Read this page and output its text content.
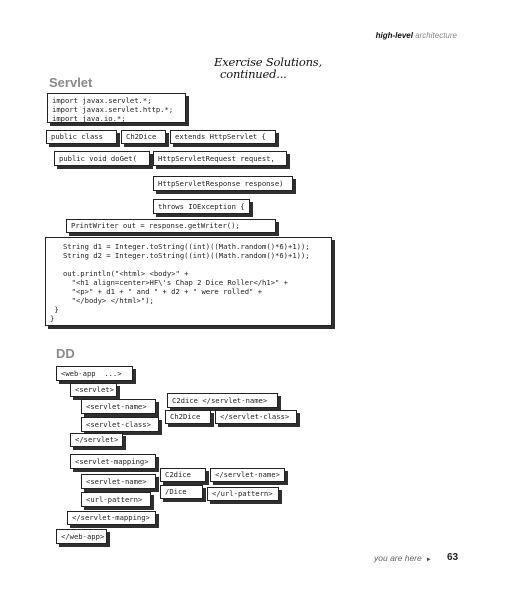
high-level architecture
Exercise Solutions,
continued...
Servlet
import javax.servlet.*;
import javax.servlet.http.*;
import java.io.*;
public class	Ch2Dice	extends HttpServlet {
public void doGet(	HttpServletRequest request,
HttpServletResponse response)
throws IOException {
PrintWriter out = response.getWriter();
String d1 = Integer.toString((int)((Math.random()*6)+1));
String d2 = Integer.toString((int)((Math.random()*6)+1));

out.println("<html> <body>" +
"<h1 align=center>HF\'s Chap 2 Dice Roller</h1>" +
"<p>" + d1 + " and " + d2 + " were rolled" +
"</body> </html>");
}
}
DD
<web-app  ...>
<servlet>
<servlet-name>
C2dice </servlet-name>
<servlet-class>
Ch2Dice	</servlet-class>
</servlet>
<servlet-mapping>
<servlet-name>
C2dice	</servlet-name>
<url-pattern>
/Dice	</url-pattern>
</servlet-mapping>
</web-app>
you are here ► 63
